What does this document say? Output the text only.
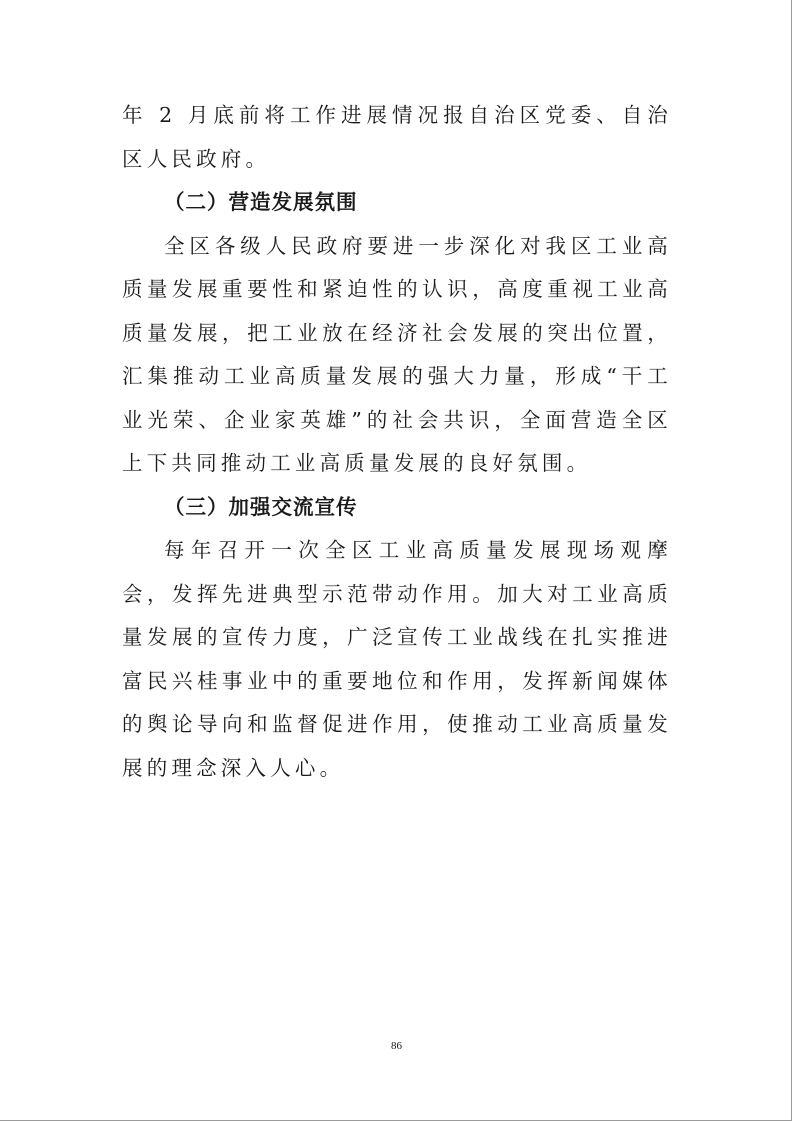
年 2 月底前将工作进展情况报自治区党委、自治区人民政府。

（二）营造发展氛围

全区各级人民政府要进一步深化对我区工业高质量发展重要性和紧迫性的认识，高度重视工业高质量发展，把工业放在经济社会发展的突出位置，汇集推动工业高质量发展的强大力量，形成“干工业光荣、企业家英雄”的社会共识，全面营造全区上下共同推动工业高质量发展的良好氛围。

（三）加强交流宣传

每年召开一次全区工业高质量发展现场观摩会，发挥先进典型示范带动作用。加大对工业高质量发展的宣传力度，广泛宣传工业战线在扎实推进富民兴桂事业中的重要地位和作用，发挥新闻媒体的舆论导向和监督促进作用，使推动工业高质量发展的理念深入人心。

86
